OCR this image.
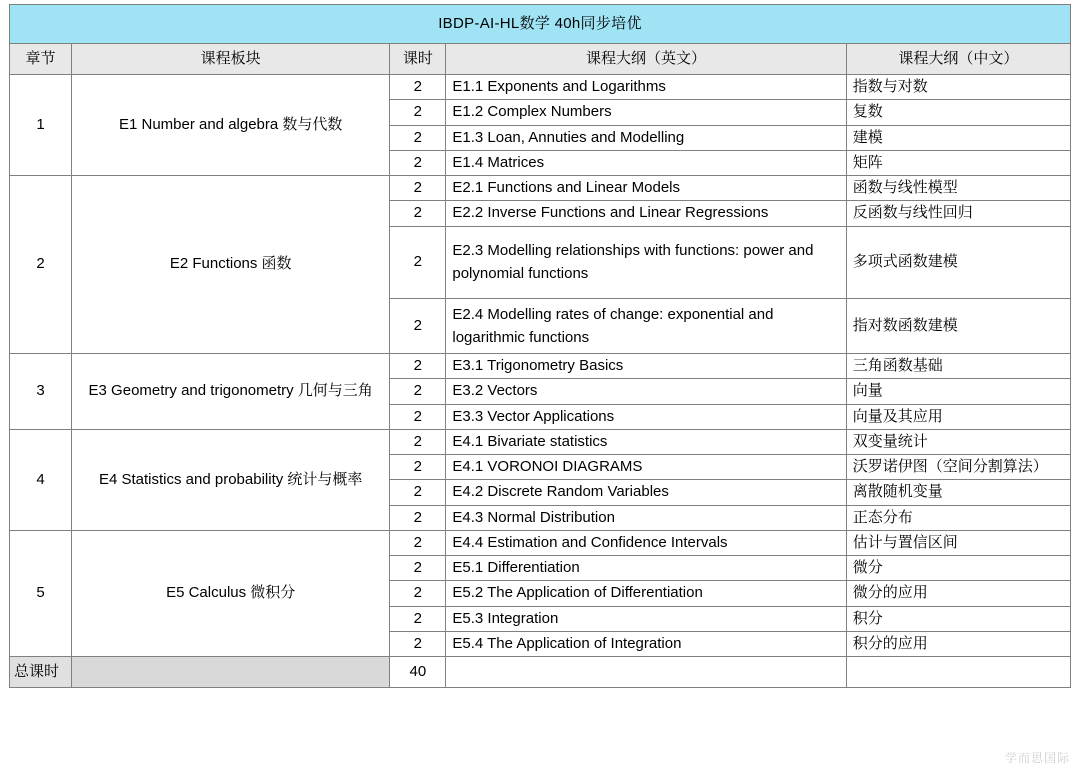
IBDP-AI-HL数学 40h同步培优				
章节	课程板块	课时	课程大纲（英文）	课程大纲（中文）
1	E1 Number and algebra 数与代数	2	E1.1 Exponents and Logarithms	指数与对数
		2	E1.2 Complex Numbers	复数
		2	E1.3 Loan, Annuties and Modelling	建模
		2	E1.4 Matrices	矩阵
2	E2 Functions 函数	2	E2.1 Functions and Linear Models	函数与线性模型
		2	E2.2 Inverse Functions and Linear Regressions	反函数与线性回归
		2	E2.3 Modelling relationships with functions: power and polynomial functions	多项式函数建模
		2	E2.4 Modelling rates of change: exponential and logarithmic functions	指对数函数建模
3	E3 Geometry and trigonometry 几何与三角	2	E3.1 Trigonometry Basics	三角函数基础
		2	E3.2 Vectors	向量
		2	E3.3 Vector Applications	向量及其应用
4	E4 Statistics and probability 统计与概率	2	E4.1 Bivariate statistics	双变量统计
		2	E4.1 VORONOI DIAGRAMS	沃罗诺伊图（空间分割算法）
		2	E4.2 Discrete Random Variables	离散随机变量
		2	E4.3 Normal Distribution	正态分布
5	E5 Calculus 微积分	2	E4.4 Estimation and Confidence Intervals	估计与置信区间
		2	E5.1 Differentiation	微分
		2	E5.2 The Application of Differentiation	微分的应用
		2	E5.3 Integration	积分
		2	E5.4 The Application of Integration	积分的应用
总课时		40		
学而思国际
